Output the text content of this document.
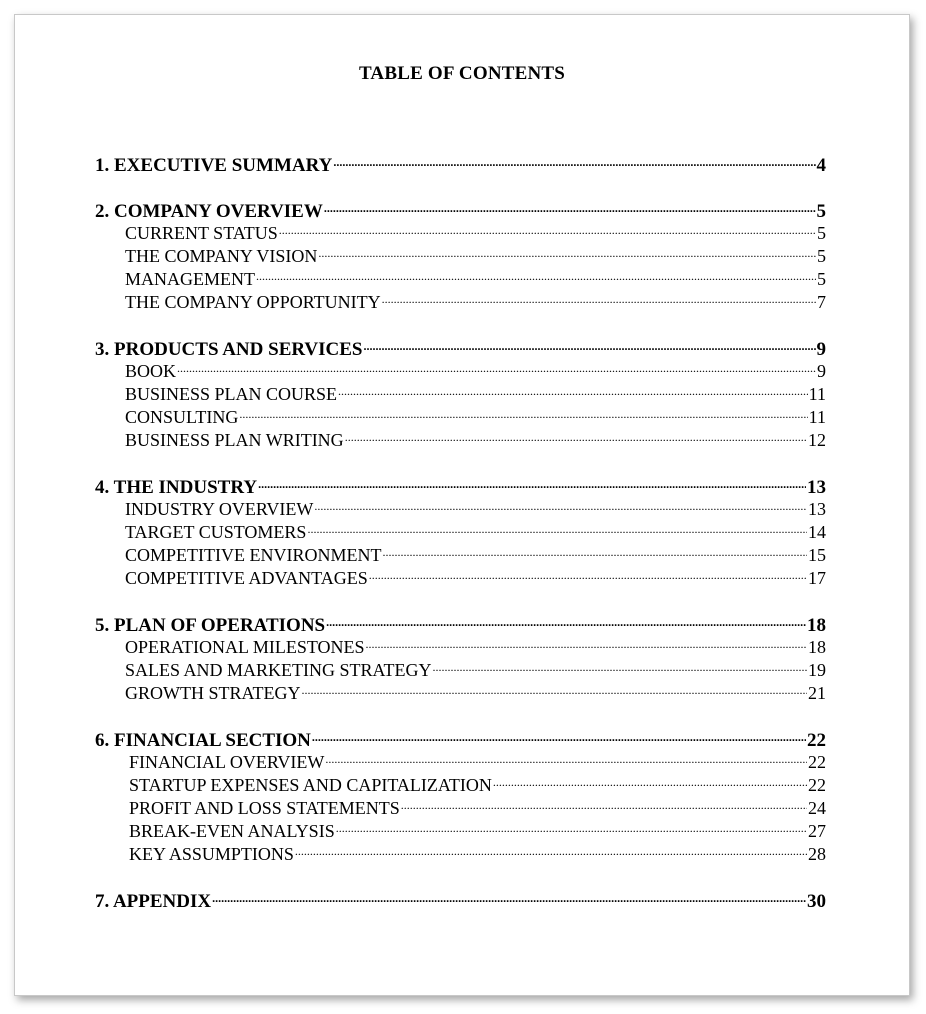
TABLE OF CONTENTS
1. EXECUTIVE SUMMARY .....	4
2. COMPANY OVERVIEW .....	5
CURRENT STATUS .....	5
THE COMPANY VISION .....	5
MANAGEMENT .....	5
THE COMPANY OPPORTUNITY .....	7
3. PRODUCTS AND SERVICES .....	9
BOOK .....	9
BUSINESS PLAN COURSE .....	11
CONSULTING .....	11
BUSINESS PLAN WRITING .....	12
4. THE INDUSTRY .....	13
INDUSTRY OVERVIEW .....	13
TARGET CUSTOMERS .....	14
COMPETITIVE ENVIRONMENT .....	15
COMPETITIVE ADVANTAGES .....	17
5. PLAN OF OPERATIONS .....	18
OPERATIONAL MILESTONES .....	18
SALES AND MARKETING STRATEGY .....	19
GROWTH STRATEGY .....	21
6. FINANCIAL SECTION .....	22
FINANCIAL OVERVIEW .....	22
STARTUP EXPENSES AND CAPITALIZATION .....	22
PROFIT AND LOSS STATEMENTS .....	24
BREAK-EVEN ANALYSIS .....	27
KEY ASSUMPTIONS .....	28
7. APPENDIX .....	30
